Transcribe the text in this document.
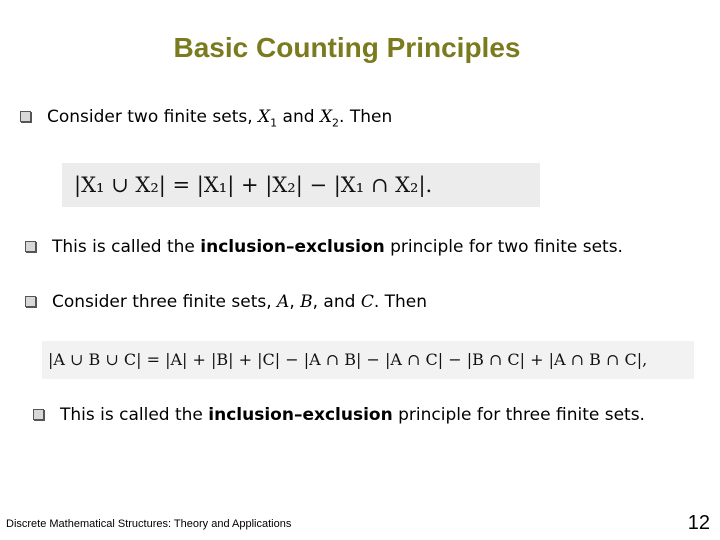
Basic Counting Principles
Consider two finite sets, $X_1$ and $X_2$. Then
|X₁ ∪ X₂| = |X₁| + |X₂| − |X₁ ∩ X₂|.
This is called the inclusion–exclusion principle for two finite sets.
Consider three finite sets, A, B, and C. Then
|A ∪ B ∪ C| = |A| + |B| + |C| − |A ∩ B| − |A ∩ C| − |B ∩ C| + |A ∩ B ∩ C|,
This is called the inclusion–exclusion principle for three finite sets.
Discrete Mathematical Structures: Theory and Applications	12
